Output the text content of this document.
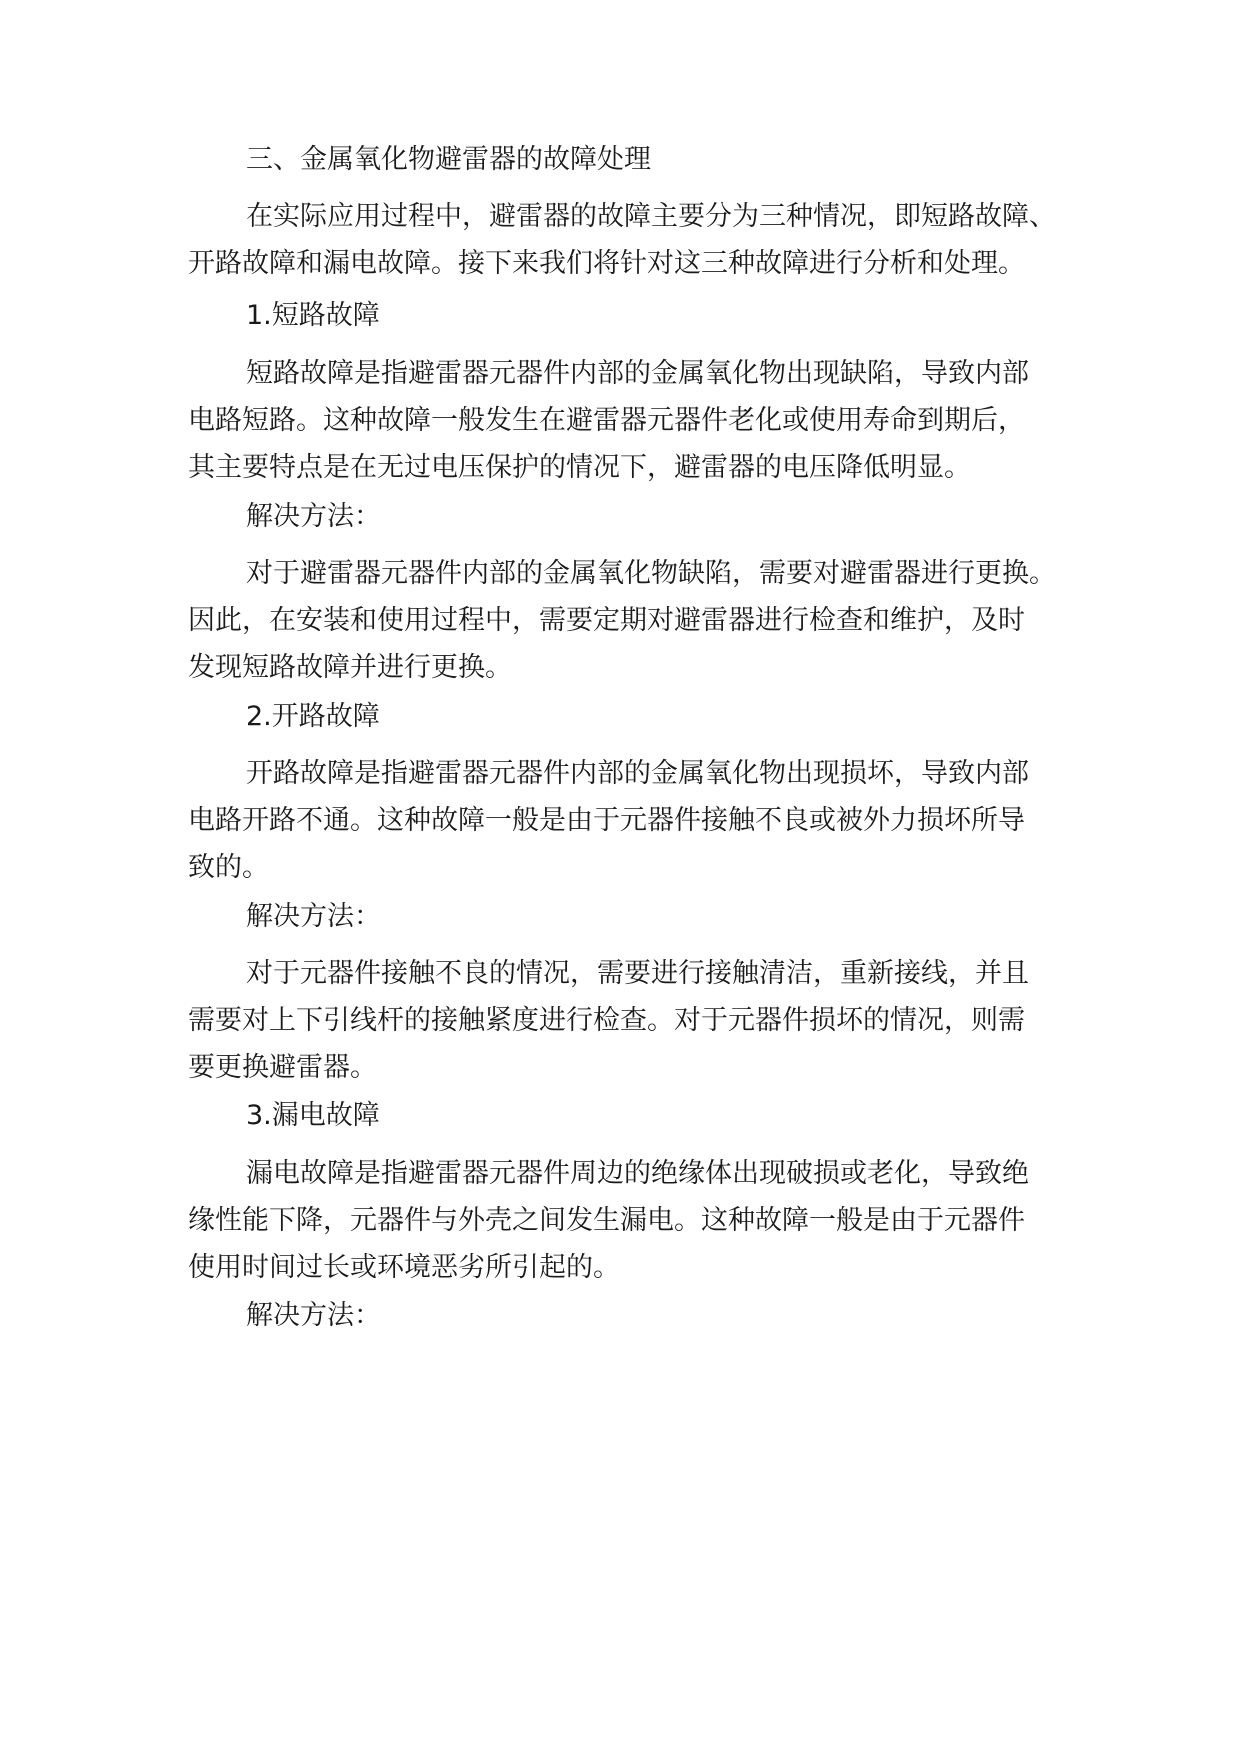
三、金属氧化物避雷器的故障处理
在实际应用过程中，避雷器的故障主要分为三种情况，即短路故障、
开路故障和漏电故障。接下来我们将针对这三种故障进行分析和处理。
1.短路故障
短路故障是指避雷器元器件内部的金属氧化物出现缺陷，导致内部
电路短路。这种故障一般发生在避雷器元器件老化或使用寿命到期后，
其主要特点是在无过电压保护的情况下，避雷器的电压降低明显。
解决方法：
对于避雷器元器件内部的金属氧化物缺陷，需要对避雷器进行更换。
因此，在安装和使用过程中，需要定期对避雷器进行检查和维护，及时
发现短路故障并进行更换。
2.开路故障
开路故障是指避雷器元器件内部的金属氧化物出现损坏，导致内部
电路开路不通。这种故障一般是由于元器件接触不良或被外力损坏所导
致的。
解决方法：
对于元器件接触不良的情况，需要进行接触清洁，重新接线，并且
需要对上下引线杆的接触紧度进行检查。对于元器件损坏的情况，则需
要更换避雷器。
3.漏电故障
漏电故障是指避雷器元器件周边的绝缘体出现破损或老化，导致绝
缘性能下降，元器件与外壳之间发生漏电。这种故障一般是由于元器件
使用时间过长或环境恶劣所引起的。
解决方法：
